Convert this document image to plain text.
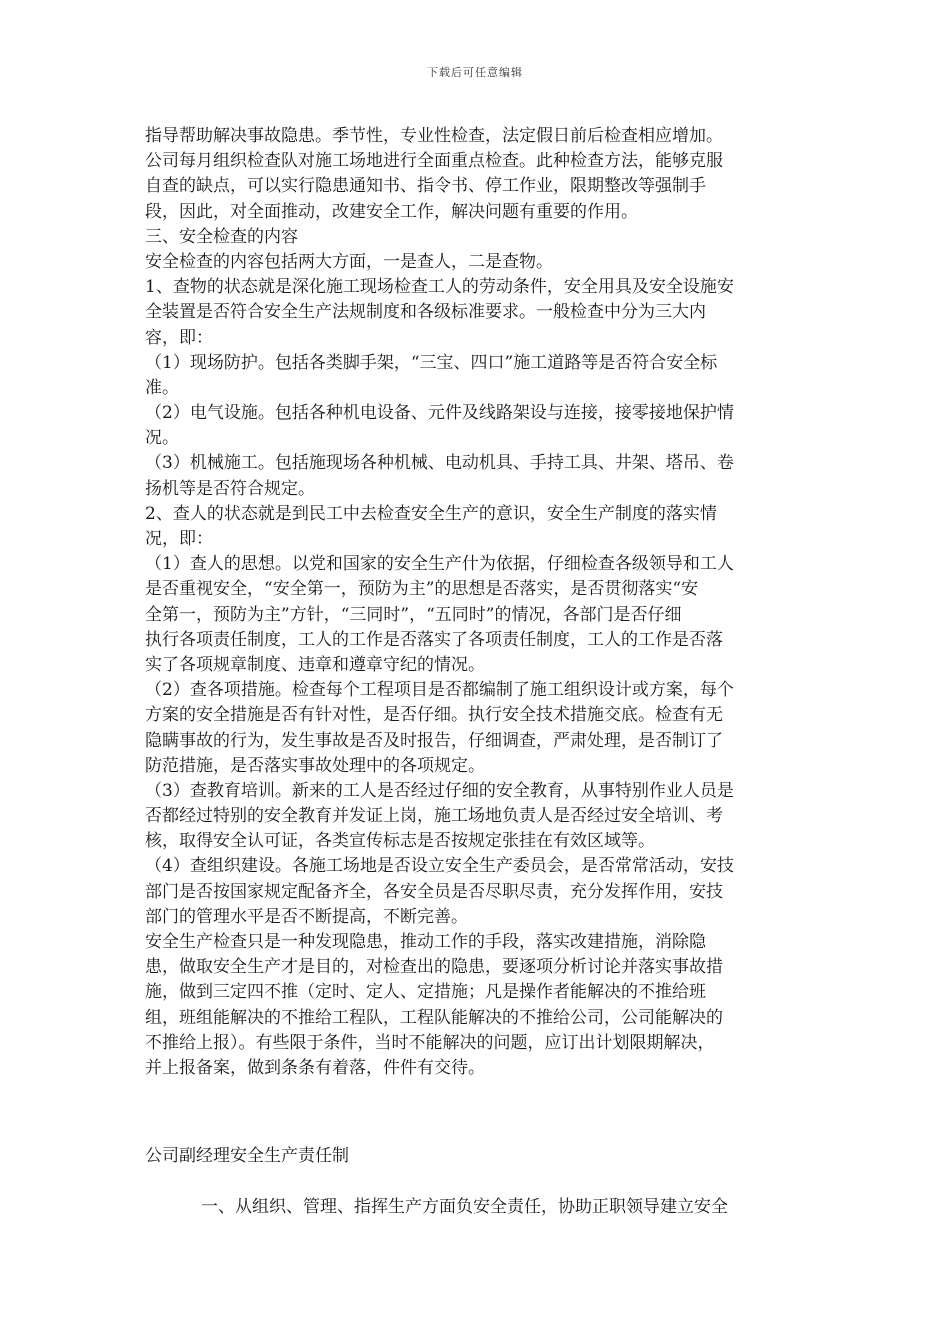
下载后可任意编辑
指导帮助解决事故隐患。季节性，专业性检查，法定假日前后检查相应增加。
公司每月组织检查队对施工场地进行全面重点检查。此种检查方法，能够克服
自查的缺点，可以实行隐患通知书、指令书、停工作业，限期整改等强制手
段，因此，对全面推动，改建安全工作，解决问题有重要的作用。
三、安全检查的内容
安全检查的内容包括两大方面，一是查人，二是查物。
1、查物的状态就是深化施工现场检查工人的劳动条件，安全用具及安全设施安
全装置是否符合安全生产法规制度和各级标准要求。一般检查中分为三大内
容，即：
（1）现场防护。包括各类脚手架，“三宝、四口”施工道路等是否符合安全标
准。
（2）电气设施。包括各种机电设备、元件及线路架设与连接，接零接地保护情
况。
（3）机械施工。包括施现场各种机械、电动机具、手持工具、井架、塔吊、卷
扬机等是否符合规定。
2、查人的状态就是到民工中去检查安全生产的意识，安全生产制度的落实情
况，即：
（1）查人的思想。以党和国家的安全生产什为依据，仔细检查各级领导和工人
是否重视安全，“安全第一，预防为主”的思想是否落实，是否贯彻落实“安
全第一，预防为主”方针，“三同时”，“五同时”的情况，各部门是否仔细
执行各项责任制度，工人的工作是否落实了各项责任制度，工人的工作是否落
实了各项规章制度、违章和遵章守纪的情况。
（2）查各项措施。检查每个工程项目是否都编制了施工组织设计或方案，每个
方案的安全措施是否有针对性，是否仔细。执行安全技术措施交底。检查有无
隐瞒事故的行为，发生事故是否及时报告，仔细调查，严肃处理，是否制订了
防范措施，是否落实事故处理中的各项规定。
（3）查教育培训。新来的工人是否经过仔细的安全教育，从事特别作业人员是
否都经过特别的安全教育并发证上岗，施工场地负责人是否经过安全培训、考
核，取得安全认可证，各类宣传标志是否按规定张挂在有效区域等。
（4）查组织建设。各施工场地是否设立安全生产委员会，是否常常活动，安技
部门是否按国家规定配备齐全，各安全员是否尽职尽责，充分发挥作用，安技
部门的管理水平是否不断提高，不断完善。
安全生产检查只是一种发现隐患，推动工作的手段，落实改建措施，消除隐
患，做取安全生产才是目的，对检查出的隐患，要逐项分析讨论并落实事故措
施，做到三定四不推（定时、定人、定措施；凡是操作者能解决的不推给班
组，班组能解决的不推给工程队，工程队能解决的不推给公司，公司能解决的
不推给上报）。有些限于条件，当时不能解决的问题，应订出计划限期解决，
并上报备案，做到条条有着落，件件有交待。
公司副经理安全生产责任制
一、从组织、管理、指挥生产方面负安全责任，协助正职领导建立安全
